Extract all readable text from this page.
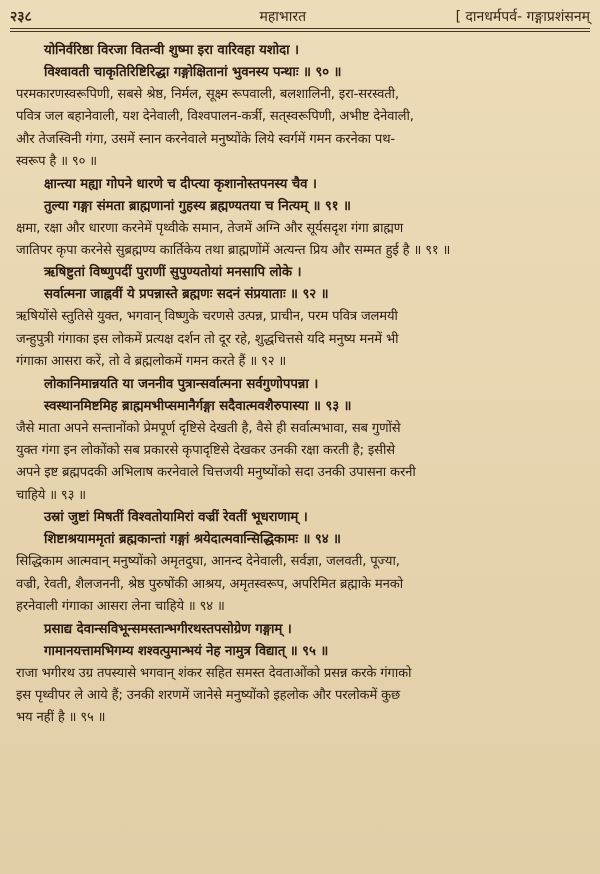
२३८	महाभारत	[ दानधर्मपर्व- गङ्गाप्रशंसनम्
योनिर्वरिष्ठा विरजा वितन्वी शुष्मा इरा वारिवहा यशोदा ।
विश्वावती चाकृतिरिष्टिरिद्धा गङ्गोक्षितानां भुवनस्य पन्थाः ॥ ९० ॥
परमकारणस्वरूपिणी, सबसे श्रेष्ठ, निर्मल, सूक्ष्म रूपवाली, बलशालिनी, इरा-सरस्वती,
पवित्र जल बहानेवाली, यश देनेवाली, विश्वपालन-कर्त्री, सत्‌स्वरूपिणी, अभीष्ट देनेवाली,
और तेजस्विनी गंगा, उसमें स्नान करनेवाले मनुष्योंके लिये स्वर्गमें गमन करनेका पथ-
स्वरूप है ॥ ९० ॥
क्षान्त्या मह्या गोपने धारणे च दीप्त्या कृशानोस्तपनस्य चैव ।
तुल्या गङ्गा संमता ब्राह्मणानां गुहस्य ब्रह्मण्यतया च नित्यम् ॥ ९१ ॥
क्षमा, रक्षा और धारणा करनेमें पृथ्वीके समान, तेजमें अग्नि और सूर्यसदृश गंगा ब्राह्मण
जातिपर कृपा करनेसे सुब्रह्मण्य कार्तिकेय तथा ब्राह्मणोंमें अत्यन्त प्रिय और सम्मत हुई है ॥ ९१ ॥
ऋषिष्टुतां विष्णुपदीं पुराणीं सुपुण्यतोयां मनसापि लोके ।
सर्वात्मना जाह्नवीं ये प्रपन्नास्ते ब्रह्मणः सदनं संप्रयाताः ॥ ९२ ॥
ऋषियोंसे स्तुतिसे युक्त, भगवान् विष्णुके चरणसे उत्पन्न, प्राचीन, परम पवित्र जलमयी
जन्हुपुत्री गंगाका इस लोकमें प्रत्यक्ष दर्शन तो दूर रहे, शुद्धचित्तसे यदि मनुष्य मनमें भी
गंगाका आसरा करें, तो वे ब्रह्मलोकमें गमन करते हैं ॥ ९२ ॥
लोकानिमान्नयति या जननीव पुत्रान्सर्वात्मना सर्वगुणोपपन्ना ।
स्वस्थानमिष्टमिह ब्राह्ममभीप्समानैर्गङ्गा सदैवात्मवशैरुपास्या ॥ ९३ ॥
जैसे माता अपने सन्तानोंको प्रेमपूर्ण दृष्टिसे देखती है, वैसे ही सर्वात्मभावा, सब गुणोंसे
युक्त गंगा इन लोकोंको सब प्रकारसे कृपादृष्टिसे देखकर उनकी रक्षा करती है; इसीसे
अपने इष्ट ब्रह्मपदकी अभिलाष करनेवाले चित्तजयी मनुष्योंको सदा उनकी उपासना करनी
चाहिये ॥ ९३ ॥
उस्रां जुष्टां मिषतीं विश्वतोयामिरां वज्रीं रेवतीं भूधराणाम् ।
शिष्टाश्रयाममृतां ब्रह्मकान्तां गङ्गां श्रयेदात्मवान्सिद्धिकामः ॥ ९४ ॥
सिद्धिकाम आत्मवान् मनुष्योंको अमृतदुघा, आनन्द देनेवाली, सर्वज्ञा, जलवती, पूज्या,
वज्री, रेवती, शैलजननी, श्रेष्ठ पुरुषोंकी आश्रय, अमृतस्वरूप, अपरिमित ब्रह्माके मनको
हरनेवाली गंगाका आसरा लेना चाहिये ॥ ९४ ॥
प्रसाद्य देवान्सविभून्समस्तान्भगीरथस्तपसोग्रेण गङ्गाम् ।
गामानयत्तामभिगम्य शश्वत्पुमान्भयं नेह नामुत्र विद्यात् ॥ ९५ ॥
राजा भगीरथ उग्र तपस्यासे भगवान् शंकर सहित समस्त देवताओंको प्रसन्न करके गंगाको
इस पृथ्वीपर ले आये हैं; उनकी शरणमें जानेसे मनुष्योंको इहलोक और परलोकमें कुछ
भय नहीं है ॥ ९५ ॥
